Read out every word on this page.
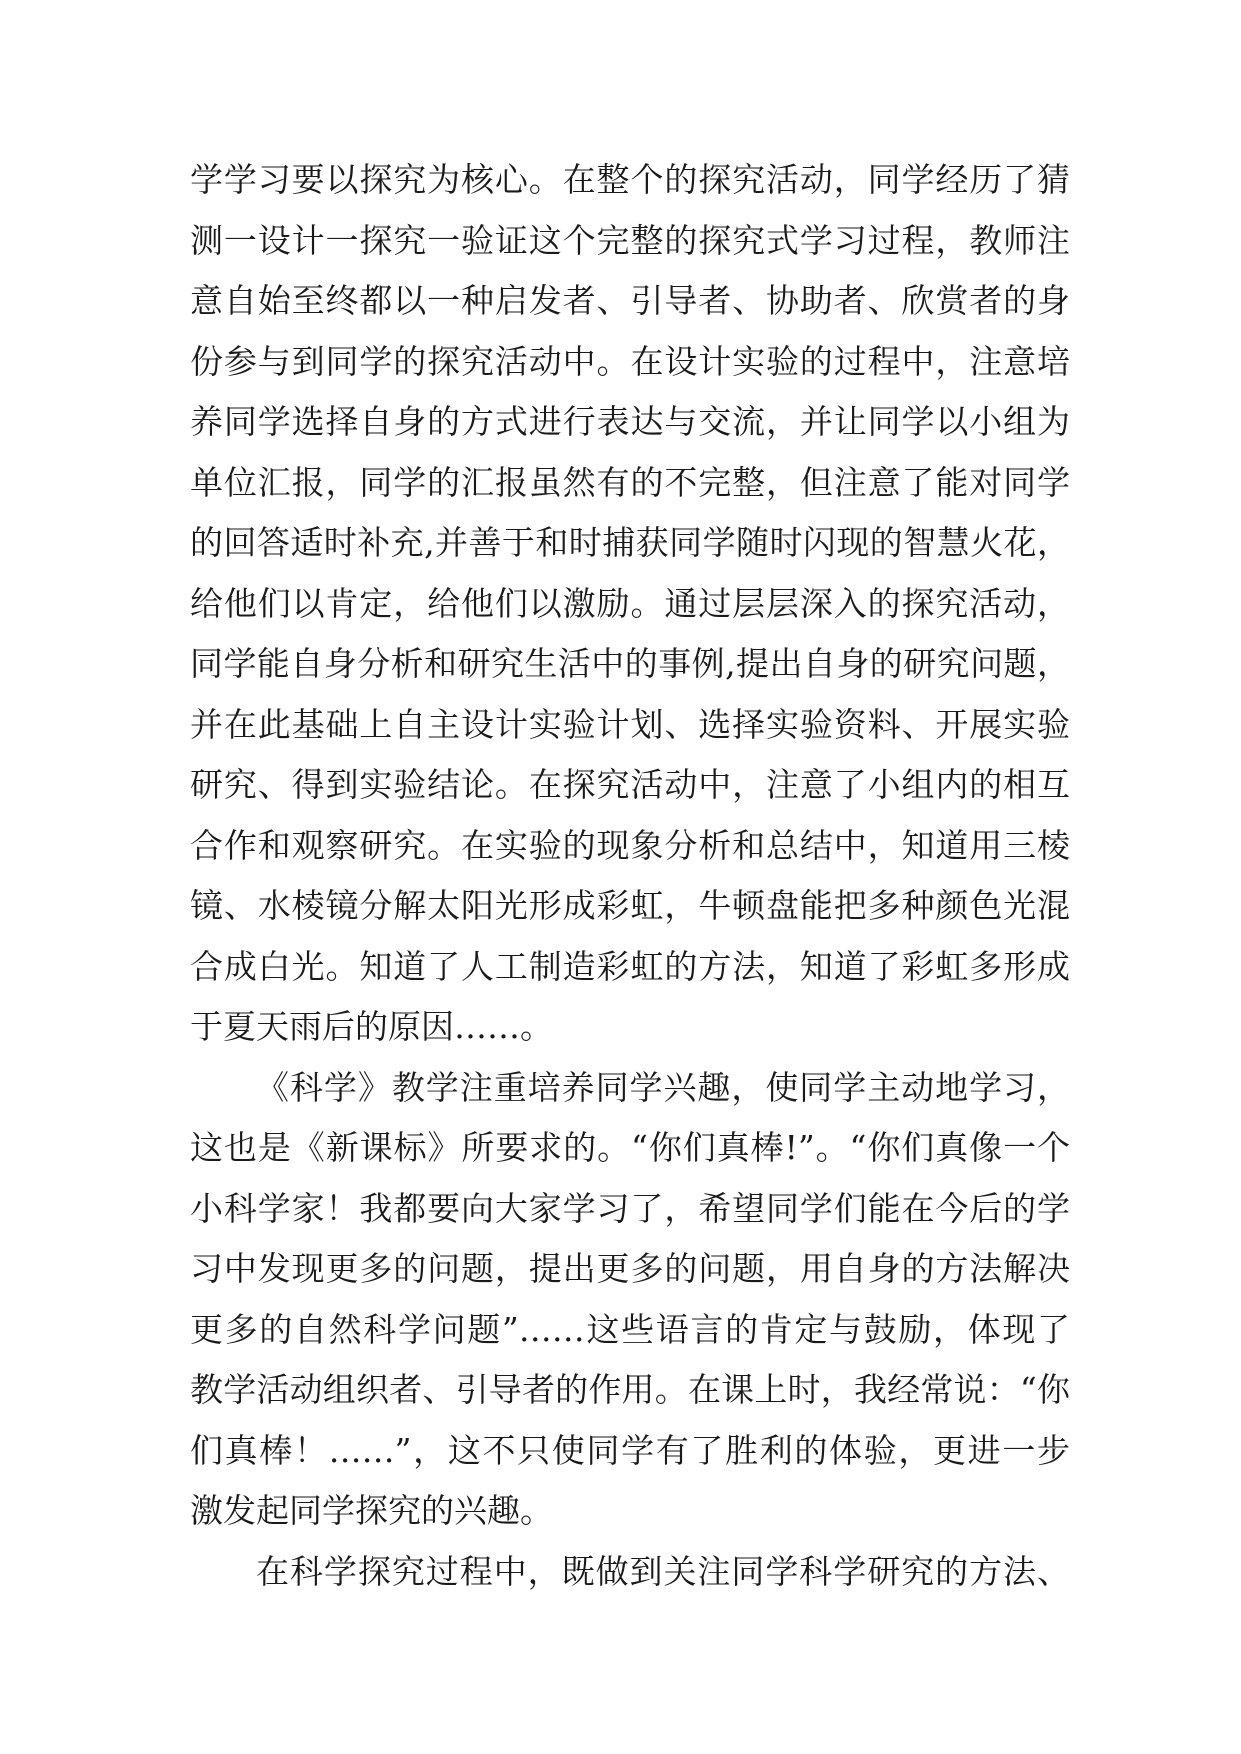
学学习要以探究为核心。在整个的探究活动，同学经历了猜
测一设计一探究一验证这个完整的探究式学习过程，教师注
意自始至终都以一种启发者、引导者、协助者、欣赏者的身
份参与到同学的探究活动中。在设计实验的过程中，注意培
养同学选择自身的方式进行表达与交流，并让同学以小组为
单位汇报，同学的汇报虽然有的不完整，但注意了能对同学
的回答适时补充,并善于和时捕获同学随时闪现的智慧火花，
给他们以肯定，给他们以激励。通过层层深入的探究活动，
同学能自身分析和研究生活中的事例,提出自身的研究问题，
并在此基础上自主设计实验计划、选择实验资料、开展实验
研究、得到实验结论。在探究活动中，注意了小组内的相互
合作和观察研究。在实验的现象分析和总结中，知道用三棱
镜、水棱镜分解太阳光形成彩虹，牛顿盘能把多种颜色光混
合成白光。知道了人工制造彩虹的方法，知道了彩虹多形成
于夏天雨后的原因……。
《科学》教学注重培养同学兴趣，使同学主动地学习，
这也是《新课标》所要求的。“你们真棒!”。“你们真像一个
小科学家！我都要向大家学习了，希望同学们能在今后的学
习中发现更多的问题，提出更多的问题，用自身的方法解决
更多的自然科学问题”……这些语言的肯定与鼓励，体现了
教学活动组织者、引导者的作用。在课上时，我经常说：“你
们真棒！……”，这不只使同学有了胜利的体验，更进一步
激发起同学探究的兴趣。
在科学探究过程中，既做到关注同学科学研究的方法、
